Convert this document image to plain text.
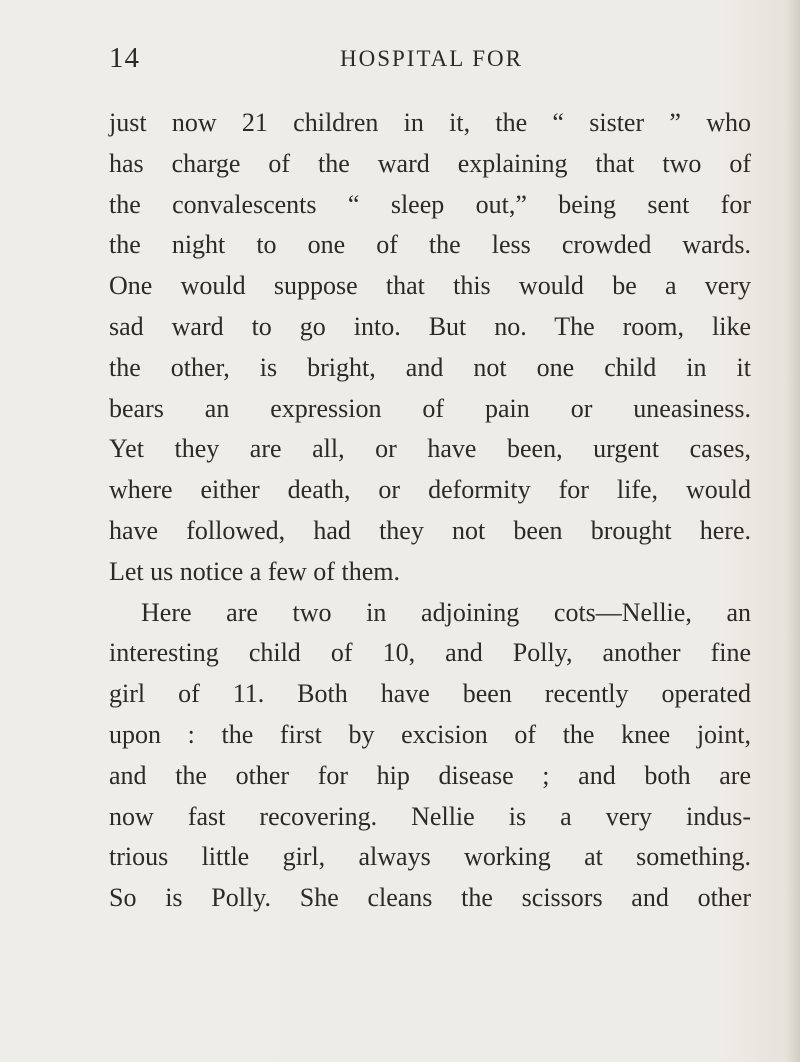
14	HOSPITAL FOR
just now 21 children in it, the “ sister ” who
has charge of the ward explaining that two of
the convalescents “ sleep out,” being sent for
the night to one of the less crowded wards.
One would suppose that this would be a very
sad ward to go into. But no. The room, like
the other, is bright, and not one child in it
bears an expression of pain or uneasiness.
Yet they are all, or have been, urgent cases,
where either death, or deformity for life, would
have followed, had they not been brought here.
Let us notice a few of them.
Here are two in adjoining cots—Nellie, an
interesting child of 10, and Polly, another fine
girl of 11. Both have been recently operated
upon : the first by excision of the knee joint,
and the other for hip disease ; and both are
now fast recovering. Nellie is a very indus-
trious little girl, always working at something.
So is Polly. She cleans the scissors and other
